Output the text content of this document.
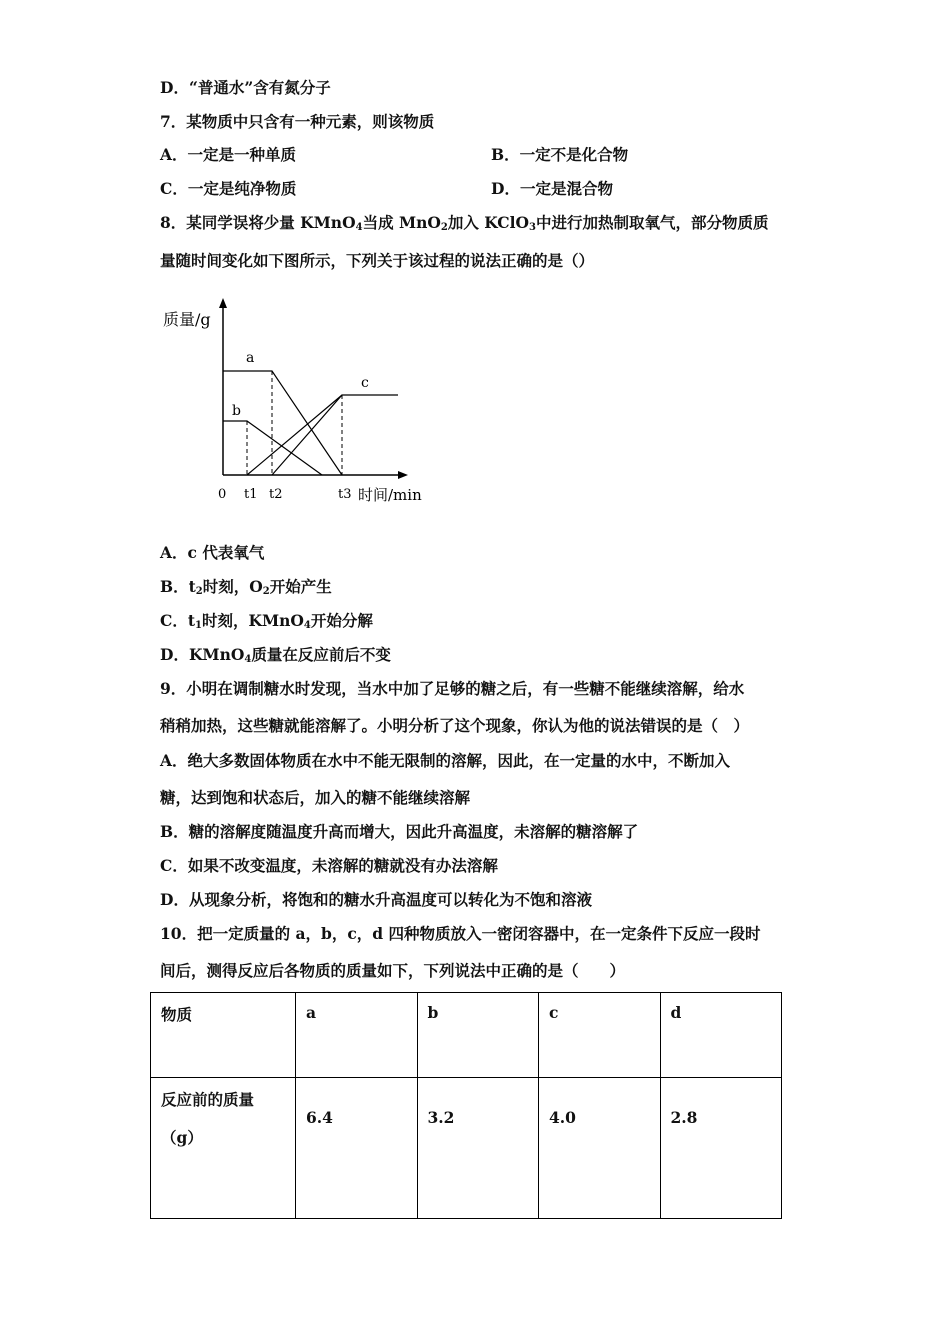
D．“普通水”含有氮分子
7．某物质中只含有一种元素，则该物质
A．一定是一种单质	B．一定不是化合物
C．一定是纯净物质	D．一定是混合物
8．某同学误将少量 KMnO$_4$当成 MnO$_2$加入 KClO$_3$中进行加热制取氧气，部分物质质
量随时间变化如下图所示，下列关于该过程的说法正确的是（）
质量/g
a
b
c
0 t1 t2	t3 时间/min
A．c 代表氧气
B．$t_2$时刻，$O_2$开始产生
C．$t_1$时刻，KMnO$_4$开始分解
D．KMnO$_4$质量在反应前后不变
9．小明在调制糖水时发现，当水中加了足够的糖之后，有一些糖不能继续溶解，给水
稍稍加热，这些糖就能溶解了。小明分析了这个现象，你认为他的说法错误的是（　）
A．绝大多数固体物质在水中不能无限制的溶解，因此，在一定量的水中，不断加入
糖，达到饱和状态后，加入的糖不能继续溶解
B．糖的溶解度随温度升高而增大，因此升高温度，未溶解的糖溶解了
C．如果不改变温度，未溶解的糖就没有办法溶解
D．从现象分析，将饱和的糖水升高温度可以转化为不饱和溶液
10．把一定质量的 a，b，c，d 四种物质放入一密闭容器中，在一定条件下反应一段时
间后，测得反应后各物质的质量如下，下列说法中正确的是（　　）
物质	a	b	c	d
反应前的质量
（g）	6.4	3.2	4.0	2.8
